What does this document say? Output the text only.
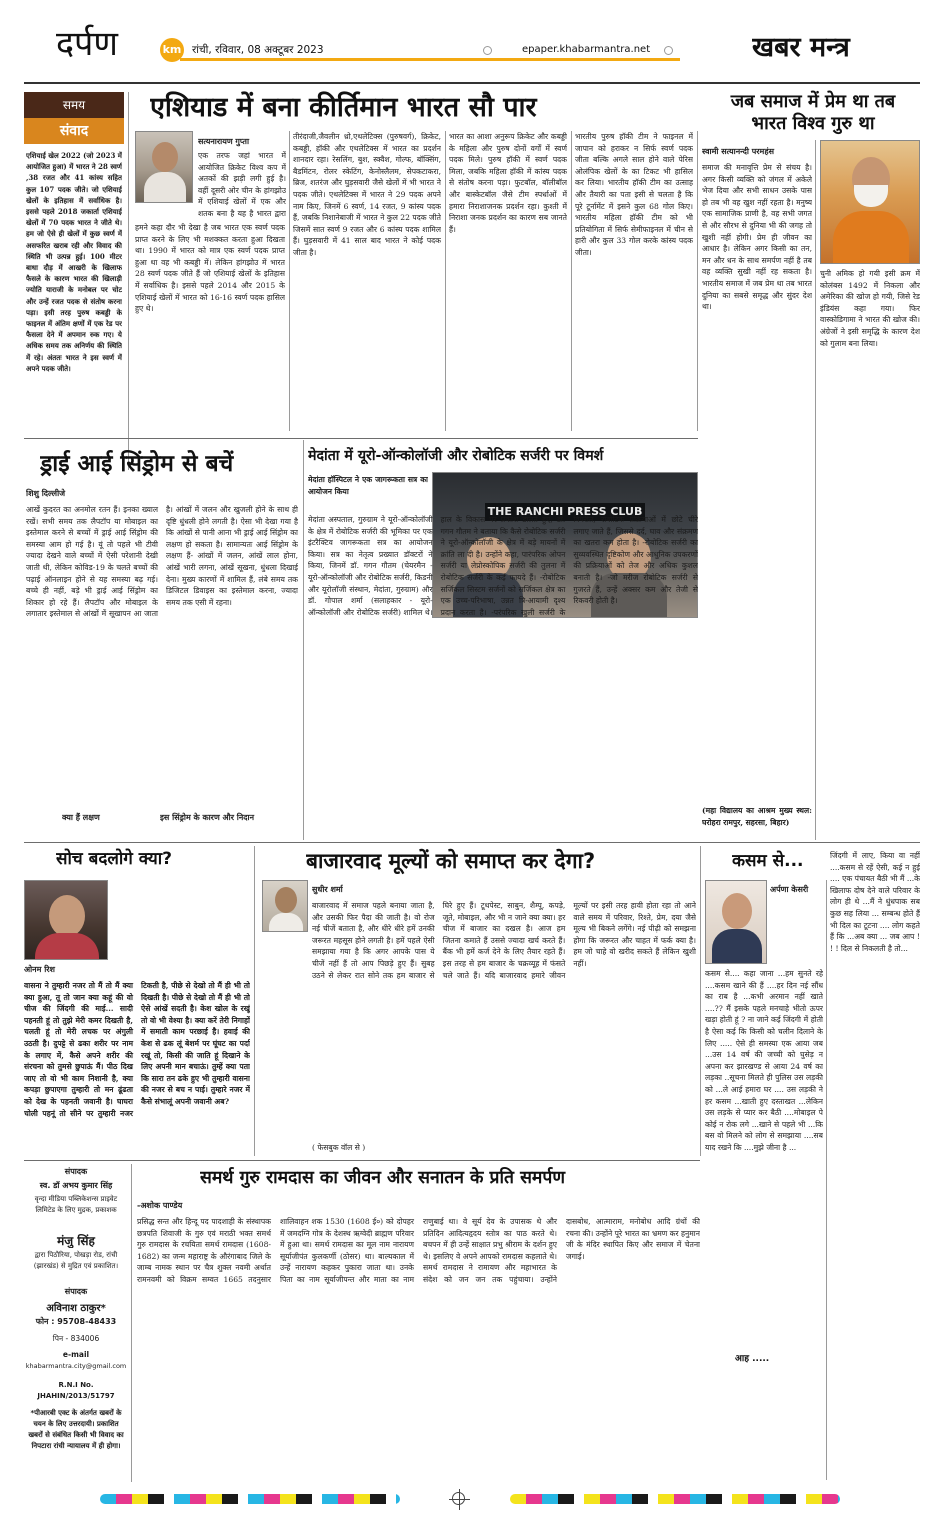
दर्पण	km रांची, रविवार, 08 अक्टूबर 2023	epaper.khabarmantra.net	खबर मन्त्र
समय
संवाद
एशियाई खेल 2022 (जो 2023 में आयोजित हुआ) में भारत ने 28 स्वर्ण ,38 रजत और 41 कांस्य सहित कुल 107 पदक जीते। जो एशियाई खेलों के इतिहास में सर्वाधिक है। इससे पहले 2018 जकार्ता एशियाई खेलों में 70 पदक भारत ने जीते थे। हम जो ऐसे ही खेलों में कुछ स्वर्ण में असफरित खराब रही और विवाद की स्थिति भी उत्पन्न हुई। 100 मीटर बाधा दौड़ में आखरी के खिलाफ फैसले के कारण भारत की खिलाड़ी ज्योति याराजी के मनोबल पर चोट और उन्हें रजत पदक से संतोष करना पड़ा। इसी तरह पुरुष कबड्डी के फाइनल में अंतिम क्षणों में एक रेड पर फैसला देने में अपमान रुक गए। ये अधिक समय तक अनिर्णय की स्थिति में रहे। अंततः भारत ने इस स्वर्ण में अपने पदक जीते।
एशियाड में बना कीर्तिमान भारत सौ पार
सत्यनारायण गुप्ता
एक तरफ जहां भारत में आयोजित क्रिकेट विश्व कप में अतकों की झड़ी लगी हुई है। वहीं दूसरी ओर चीन के हांगझोउ में एशियाई खेलों में एक और शतक बना है यह है भारत द्वारा
हमने कहा दौर भी देखा है जब भारत एक स्वर्ण पदक प्राप्त करने के लिए भी मशक्कत करता हुआ दिखता था। 1990 में भारत को मात्र एक स्वर्ण पदक प्राप्त हुआ था वह भी कबड्डी में। लेकिन हांगझोउ में भारत 28 स्वर्ण पदक जीते हैं जो एशियाई खेलों के इतिहास में सर्वाधिक है। इससे पहले 2014 और 2015 के एशियाई खेलों में भारत को 16-16 स्वर्ण पदक हासिल हुए थे।
तीरंदाजी,जैवलीन थ्रो,एथलेटिक्स (पुरुषवर्ग), क्रिकेट, कबड्डी, हॉकी और एथलेटिक्स में भारत का प्रदर्शन शानदार रहा। रेसलिंग, बुश, स्क्वैश, गोल्फ, बॉक्सिंग, बैडमिंटन, रोलर स्केटिंग, केनोस्लैलम, सेपकटाकरा, ब्रिज, शतरंज और घुड़सवारी जैसे खेलों में भी भारत ने पदक जीते। एथलेटिक्स में भारत ने 29 पदक अपने नाम किए, जिनमें 6 स्वर्ण, 14 रजत, 9 कांस्य पदक हैं, जबकि निशानेबाजी में भारत ने कुल 22 पदक जीते जिसमें सात स्वर्ण 9 रजत और 6 कांस्य पदक शामिल हैं। घुड़सवारी में 41 साल बाद भारत ने कोई पदक जीता है।
भारत का आशा अनुरूप क्रिकेट और कबड्डी के महिला और पुरुष दोनों वर्गों में स्वर्ण पदक मिले। पुरुष हॉकी में स्वर्ण पदक मिला, जबकि महिला हॉकी में कांस्य पदक से संतोष करना पड़ा। फुटबॉल, बॉलीबॉल और बास्केटबॉल जैसे टीम स्पर्धाओं में हमारा निराशाजनक प्रदर्शन रहा। कुश्ती में निराशा जनक प्रदर्शन का कारण सब जानते हैं।
भारतीय पुरुष हॉकी टीम ने फाइनल में जापान को हराकर न सिर्फ स्वर्ण पदक जीता बल्कि अगले साल होने वाले पेरिस ओलंपिक खेलों के का टिकट भी हासिल कर लिया। भारतीय हॉकी टीम का उत्साह और तैयारी का पता इसी से चलता है कि पूरे टूर्नामेंट में इसने कुल 68 गोल किए। भारतीय महिला हॉकी टीम को भी प्रतियोगिता में सिर्फ सेमीफाइनल में चीन से हारी और कुल 33 गोल करके कांस्य पदक जीता।
जब समाज में प्रेम था तब
भारत विश्व गुरु था
स्वामी सत्यानन्दी परमहंस
समाज की मनावृत्ति प्रेम से संचय है। अगर किसी व्यक्ति को जंगल में अकेले भेज दिया और सभी साधन उसके पास हो तब भी वह खुश नहीं रहता है। मनुष्य एक सामाजिक प्राणी है, वह सभी जगत से और सौरभ से दुनिया भी की जगह तो खुशी नहीं होगी। प्रेम ही जीवन का आधार है। लेकिन अगर किसी का तन, मन और धन के साथ समर्पण नहीं है तब वह व्यक्ति सुखी नहीं रह सकता है। भारतीय समाज में जब प्रेम था तब भारत दुनिया का सबसे समृद्ध और सुंदर देश था।
चुनी अमिक हो गयी इसी क्रम में कोलंबस 1492 में निकला और अमेरिका की खोज हो गयी, जिसे रेड इंडियंस कहा गया। फिर वास्कोडिगामा ने भारत की खोज की। अंग्रेजों ने इसी समृद्धि के कारण देश को गुलाम बना लिया।
(महा विद्यालय का आश्रम मुख्य स्थल: घरोहरा रामपुर, सहरसा, बिहार)
ड्राई आई सिंड्रोम से बचें
शिशु दिल्लीजे
आखें कुदरत का अनमोल रतन हैं। इनका ख्याल रखें। सभी समय तक लैपटॉप या मोबाइल का इस्तेमाल करने से बच्चों में ड्राई आई सिंड्रोम की समस्या आम हो गई है। यूं तो पहले भी टीवी ज्यादा देखने वाले बच्चों में ऐसी परेशानी देखी जाती थी, लेकिन कोविड-19 के चलते बच्चों की पढ़ाई ऑनलाइन होने से यह समस्या बढ़ गई। बच्चे ही नहीं, बड़े भी ड्राई आई सिंड्रोम का शिकार हो रहे हैं। लैपटॉप और मोबाइल के लगातार इस्तेमाल से आंखों में सूखापन आ जाता है। आंखों में जलन और खुजली होने के साथ ही दृष्टि धुंधली होने लगती है। ऐसा भी देखा गया है कि आंखों से पानी आना भी ड्राई आई सिंड्रोम का लक्षण हो सकता है। सामान्यतः आई सिंड्रोम के लक्षण हैं- आंखों में जलन, आंखें लाल होना, आंखें भारी लगना, आंखें सूखना, धुंधला दिखाई देना। मुख्य कारणों में शामिल हैं, लंबे समय तक डिजिटल डिवाइस का इस्तेमाल करना, ज्यादा समय तक एसी में रहना।
क्या हैं लक्षण	इस सिंड्रोम के कारण और निदान
मेदांता में यूरो-ऑन्कोलॉजी और रोबोटिक सर्जरी पर विमर्श
मेदांता हॉस्पिटल ने एक जागरूकता सत्र का आयोजन किया
THE RANCHI PRESS CLUB
मेदांता अस्पताल, गुरुग्राम ने यूरो-ऑन्कोलॉजी के क्षेत्र में रोबोटिक सर्जरी की भूमिका पर एक इंटरैक्टिव जागरूकता सत्र का आयोजन किया। सत्र का नेतृत्व प्रख्यात डॉक्टरों ने किया, जिनमें डॉ. गगन गौतम (चेयरमैन - यूरो-ऑन्कोलॉजी और रोबोटिक सर्जरी, किडनी और यूरोलॉजी संस्थान, मेदांता, गुरुग्राम) और डॉ. गोपाल शर्मा (सलाहकार - यूरो-ऑन्कोलॉजी और रोबोटिक सर्जरी) शामिल थे। हाल के विकास पर प्रकाश डालते हुए, डॉ. गगन गौतम ने बताया कि कैसे रोबोटिक सर्जरी ने यूरो-ऑन्कोलॉजी के क्षेत्र में बड़े मायनों में क्रांति ला दी है। उन्होंने कहा, पारंपरिक ओपन सर्जरी या लेप्रोस्कोपिक सर्जरी की तुलना में रोबोटिक सर्जरी के कई फायदे हैं। -रोबोटिक सर्जिकल सिस्टम सर्जनों को सर्जिकल क्षेत्र का एक उच्च-परिभाषा, उन्नत त्रि-आयामी दृश्य प्रदान करता है। -परंपरिक खुली सर्जरी के विपरीत, रोबोटिक प्रक्रियाओं में छोटे चीरे लगाए जाते हैं, जिससे दर्द, घाव और संक्रमण का खतरा कम होता है। -रोबोटिक सर्जरी का सुव्यवस्थित दृष्टिकोण और आधुनिक उपकरणों की प्रक्रियाओं को तेज और अधिक कुशल बनाती है। -जो मरीज रोबोटिक सर्जरी से गुजरते हैं, उन्हें अक्सर कम और तेजी से रिकवरी होती है।
सोच बदलोगे क्या?
ओनम रिश
वासना ने तुम्हारी नजर तो मैं तो मैं क्या क्या हुआ, तू तो जान क्या कहूं की वो चीज की जिंदगी की माई... सादी पहनती हूं तो तुझे मेरी कमर दिखती है, चलती हूं तो मेरी लचक पर अंगुली उठती है। दुपट्टे से ढका शरीर पर नाम के लगाए में, कैसे अपने शरीर की संरचना को तुमसे छुपाऊं मैं। पीठ दिख जाए तो वो भी काम निशानी है, क्या कपड़ा छुपाएगा तुम्हारी तो मन ढूंढता को देख के पहनती जवानी है। घाघरा चोली पहनूं तो सीने पर तुम्हारी नजर टिकती है, पीछे से देखो तो मैं ही भी तो दिखती है। पीछे से देखो तो मैं ही भी तो ऐसे आंखें सदती है। केश खोल के रखूं तो वो भी वेश्या है। क्या करें तेरी निगाहों में समाती काम परछाई है। हवाई की केश से ढक लूं बेशर्म पर घूंघट का पर्दा रखूं तो, किसी की जाति हूं दिखाने के लिए अपनी मान बचाऊं। तुम्हें क्या पता कि सारा तन ढके हुए भी तुम्हारी वासना की नजर से बच न पाई। तुम्हारे नजर में कैसे संभालूं अपनी जवानी अब?
बाजारवाद मूल्यों को समाप्त कर देगा?
सुधीर शर्मा
बाजारवाद में समाज पहले बनाया जाता है, और उसकी फिर पैदा की जाती है। वो रोज नई चीजें बताता है, और धीरे धीरे हमें उनकी जरूरत महसूस होने लगती है। हमें पहले ऐसी समझाया गया है कि अगर आपके पास ये चीजें नहीं हैं तो आप पिछड़े हुए हैं। सुबह उठने से लेकर रात सोने तक हम बाजार से घिरे हुए हैं। टूथपेस्ट, साबुन, शैम्पू, कपड़े, जूते, मोबाइल, और भी न जाने क्या क्या। हर चीज में बाजार का दखल है। आज हम जितना कमाते हैं उससे ज्यादा खर्च करते हैं। बैंक भी हमें कर्ज देने के लिए तैयार रहते हैं। इस तरह से हम बाजार के चक्रव्यूह में फंसते चले जाते हैं। यदि बाजारवाद हमारे जीवन मूल्यों पर इसी तरह हावी होता रहा तो आने वाले समय में परिवार, रिश्ते, प्रेम, दया जैसे मूल्य भी बिकने लगेंगे। नई पीढ़ी को समझना होगा कि जरूरत और चाहत में फर्क क्या है। हम जो चाहे वो खरीद सकते हैं लेकिन खुशी नहीं।
( फेसबुक वॉल से )
कसम से...
अर्पणा केसरी
कसम से.... कहा जाना ...हम सुनते रहे ....कसम खाने की हैं ....हर दिन नई सौंध का राब है ...कभी अरमान नहीं खाते ....?? मैं इसके पहले मनचाहे भीतो ऊपर खड़ा होती हूं ? ना जाने कई जिंदगी में होती है ऐसा कई कि किसी को चलीन दिलाने के लिए ..... ऐसे ही समस्या एक आया जब ...उस 14 वर्ष की जच्ची को घुसेड़ न अपना कर झारखण्ड से आया 24 वर्ष का लड़का ..सूचना मिलते ही पुलिस उस लड़की को ...ले आई हमारा घर .... उस लड़की ने हर कसम ...खाती हुए दस्ताखत ...लेकिन उस लड़के से प्यार कर बैठी ....मोबाइल पे कोई न रोक लगे ...खाने से पहले भी ...कि बस वो मिलने को लोग से समझाया ....सब याद रखने कि ....मुझे जीना है ...
आह .....
जिंदगी में लाए, किया वा नहीं ....कसम से रहें ऐसी, कई न हुई .... एक पंचायत बैठी भी मैं ...के खिलाफ दोष देने वाले परिवार के लोग ही थे ...मैं ने धुंधपाक सब कुछ सह लिया ... सम्बन्ध होते हैं भी दिल का टूटना .... लोग कहते हैं कि ...अब क्या ... जब आप ! ! ! दिल से निकलती है तो...
संपादक
स्व. डॉ अभय कुमार सिंह
वृन्दा मीडिया पब्लिकेशन्स प्राइवेट लिमिटेड के लिए मुद्रक, प्रकाशक
मंजु सिंह
द्वारा पिठौरिया, पोखड़ा रोड, रांची (झारखंड) से मुद्रित एवं प्रकाशित।
संपादक
अविनाश ठाकुर*
फोन : 95708-48433
पिन - 834006
e-mail
khabarmantra.city@gmail.com
R.N.I No. JHAHIN/2013/51797
*पीआरबी एक्ट के अंतर्गत खबरों के चयन के लिए उत्तरदायी। प्रकाशित खबरों से संबंधित किसी भी विवाद का निपटारा रांची न्यायालय में ही होगा।
समर्थ गुरु रामदास का जीवन और सनातन के प्रति समर्पण
-अशोक पाण्डेय
प्रसिद्ध सन्त और हिन्दू पद पादशाही के संस्थापक छत्रपति शिवाजी के गुरु एवं मराठी भक्त समर्थ गुरु रामदास के रचयिता समर्थ रामदास (1608-1682) का जन्म महाराष्ट्र के औरंगाबाद जिले के जाम्ब नामक स्थान पर चैत्र शुक्ल नवमी अर्थात रामनवमी को विक्रम सम्वत 1665 तदनुसार शालिवाहन शक 1530 (1608 ई०) को दोपहर में जमदग्नि गोत्र के देशस्थ ऋग्वेदी ब्राह्मण परिवार में हुआ था। समर्थ रामदास का मूल नाम नारायण सूर्याजीपंत कुलकर्णी (ठोसर) था। बाल्यकाल में उन्हें नारायण कहकर पुकारा जाता था। उनके पिता का नाम सूर्याजीपन्त और माता का नाम राणुबाई था। वे सूर्य देव के उपासक थे और प्रतिदिन आदित्यहृदय स्तोत्र का पाठ करते थे। बचपन में ही उन्हें साक्षात प्रभु श्रीराम के दर्शन हुए थे। इसलिए वे अपने आपको रामदास कहलाते थे। समर्थ रामदास ने रामायण और महाभारत के संदेश को जन जन तक पहुंचाया। उन्होंने दासबोध, आत्माराम, मनोबोध आदि ग्रंथों की रचना की। उन्होंने पूरे भारत का भ्रमण कर हनुमान जी के मंदिर स्थापित किए और समाज में चेतना जगाई।
